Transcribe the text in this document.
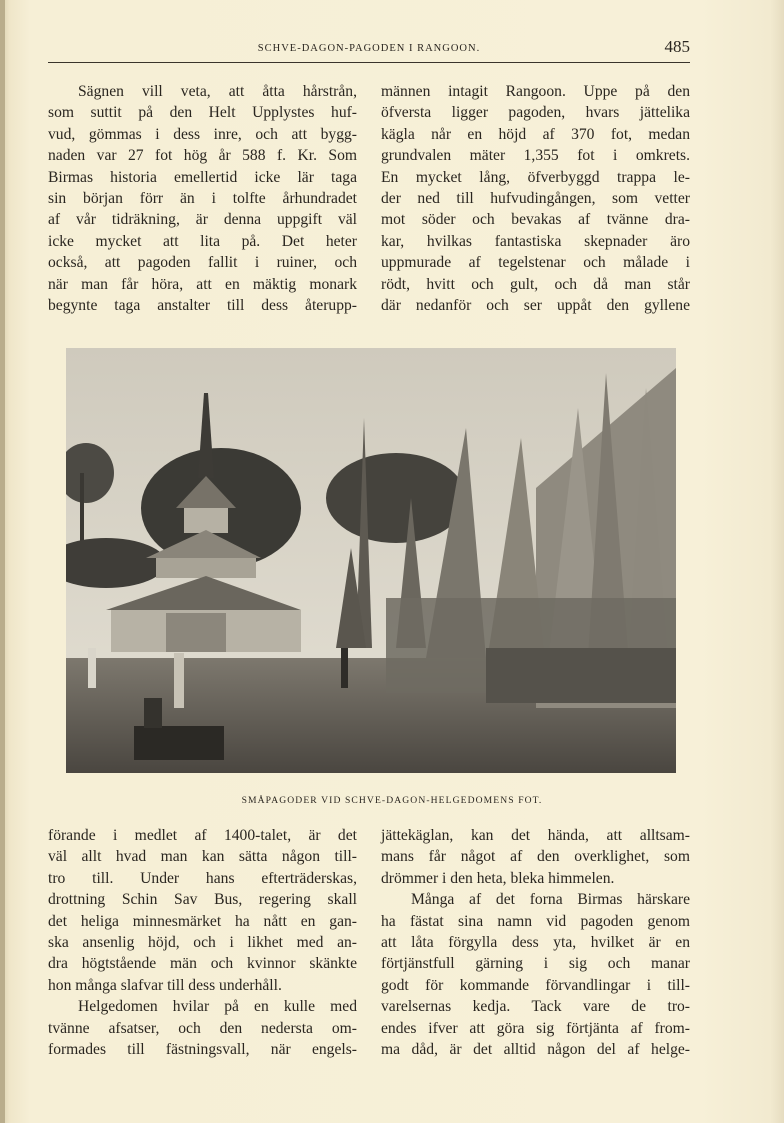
SCHVE-DAGON-PAGODEN I RANGOON.	485
Sägnen vill veta, att åtta hårstrån,
som suttit på den Helt Upplystes huf-
vud, gömmas i dess inre, och att bygg-
naden var 27 fot hög år 588 f. Kr. Som
Birmas historia emellertid icke lär taga
sin början förr än i tolfte århundradet
af vår tidräkning, är denna uppgift väl
icke mycket att lita på. Det heter
också, att pagoden fallit i ruiner, och
när man får höra, att en mäktig monark
begynte taga anstalter till dess återupp-
männen intagit Rangoon. Uppe på den
öfversta ligger pagoden, hvars jättelika
kägla når en höjd af 370 fot, medan
grundvalen mäter 1,355 fot i omkrets.
En mycket lång, öfverbyggd trappa le-
der ned till hufvudingången, som vetter
mot söder och bevakas af tvänne dra-
kar, hvilkas fantastiska skepnader äro
uppmurade af tegelstenar och målade i
rödt, hvitt och gult, och då man står
där nedanför och ser uppåt den gyllene
SMÅPAGODER VID SCHVE-DAGON-HELGEDOMENS FOT.
förande i medlet af 1400-talet, är det
väl allt hvad man kan sätta någon till-
tro till. Under hans efterträderskas,
drottning Schin Sav Bus, regering skall
det heliga minnesmärket ha nått en gan-
ska ansenlig höjd, och i likhet med an-
dra högtstående män och kvinnor skänkte
hon många slafvar till dess underhåll.
Helgedomen hvilar på en kulle med
tvänne afsatser, och den nedersta om-
formades till fästningsvall, när engels-
jättekäglan, kan det hända, att alltsam-
mans får något af den overklighet, som
drömmer i den heta, bleka himmelen.
Många af det forna Birmas härskare
ha fästat sina namn vid pagoden genom
att låta förgylla dess yta, hvilket är en
förtjänstfull gärning i sig och manar
godt för kommande förvandlingar i till-
varelsernas kedja. Tack vare de tro-
endes ifver att göra sig förtjänta af from-
ma dåd, är det alltid någon del af helge-
